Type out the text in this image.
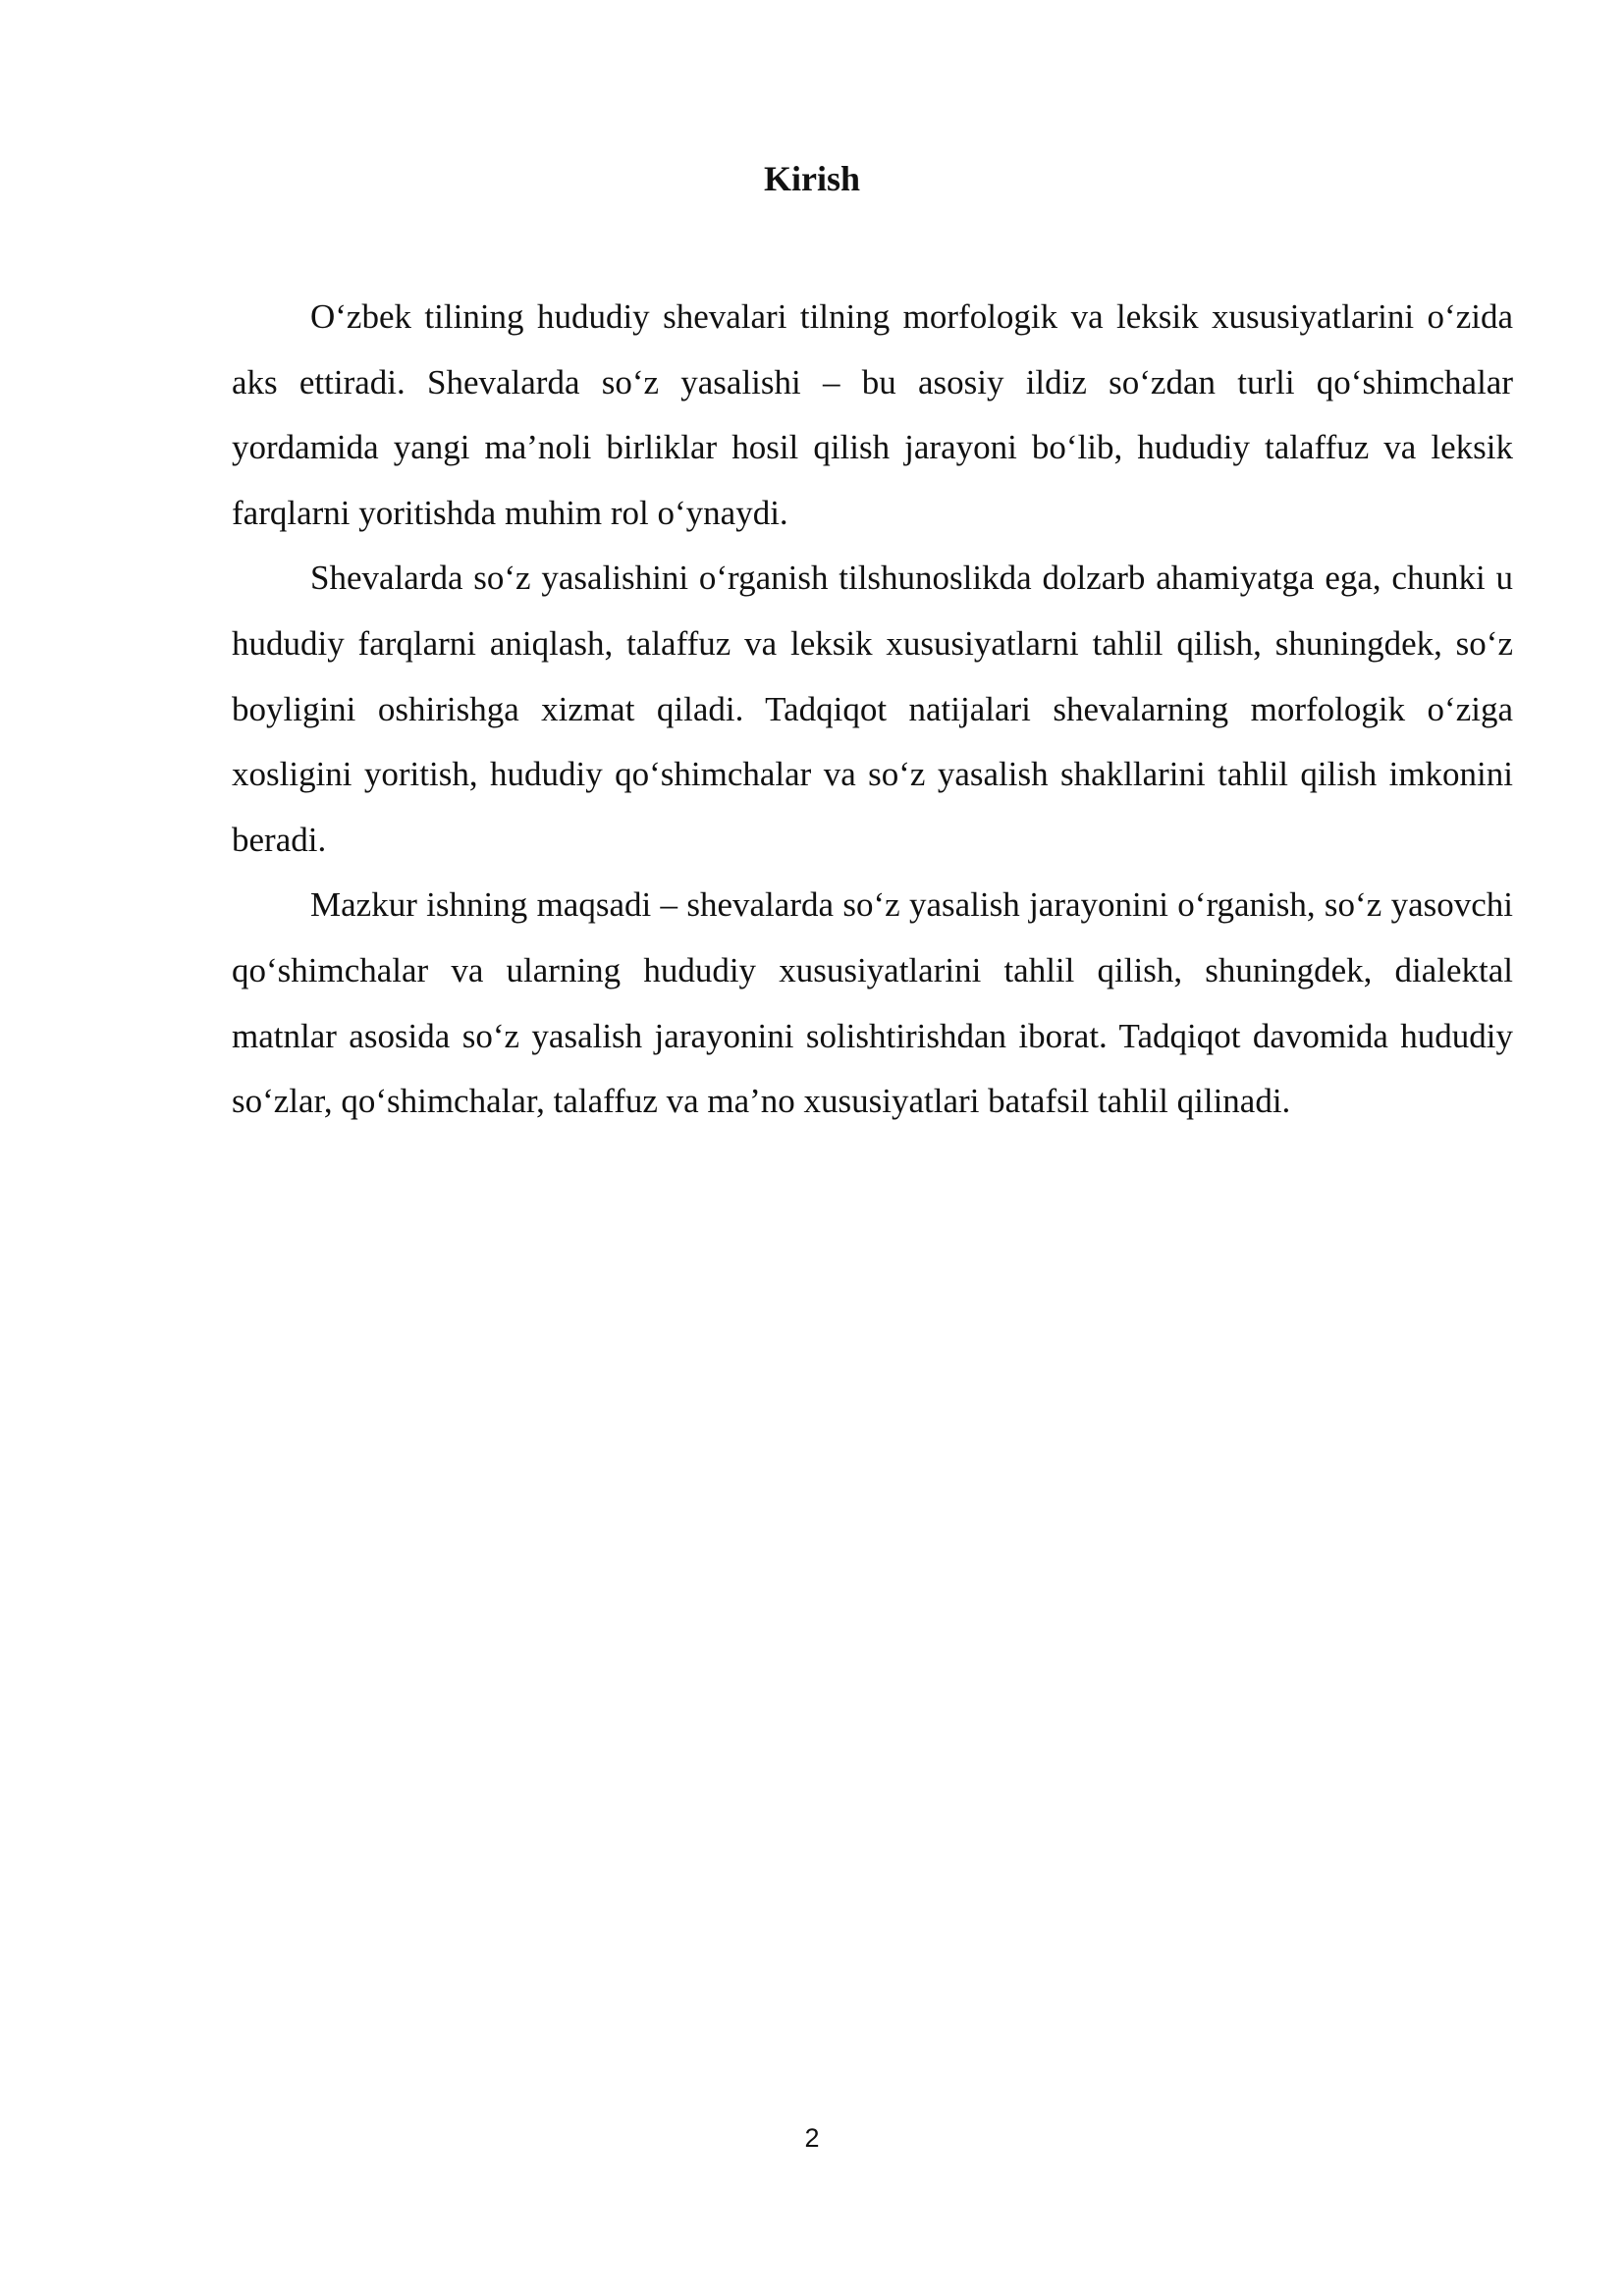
Kirish

O‘zbek tilining hududiy shevalari tilning morfologik va leksik xususiyatlarini o‘zida aks ettiradi. Shevalarda so‘z yasalishi – bu asosiy ildiz so‘zdan turli qo‘shimchalar yordamida yangi ma’noli birliklar hosil qilish jarayoni bo‘lib, hududiy talaffuz va leksik farqlarni yoritishda muhim rol o‘ynaydi.

Shevalarda so‘z yasalishini o‘rganish tilshunoslikda dolzarb ahamiyatga ega, chunki u hududiy farqlarni aniqlash, talaffuz va leksik xususiyatlarni tahlil qilish, shuningdek, so‘z boyligini oshirishga xizmat qiladi. Tadqiqot natijalari shevalarning morfologik o‘ziga xosligini yoritish, hududiy qo‘shimchalar va so‘z yasalish shakllarini tahlil qilish imkonini beradi.

Mazkur ishning maqsadi – shevalarda so‘z yasalish jarayonini o‘rganish, so‘z yasovchi qo‘shimchalar va ularning hududiy xususiyatlarini tahlil qilish, shuningdek, dialektal matnlar asosida so‘z yasalish jarayonini solishtirishdan iborat. Tadqiqot davomida hududiy so‘zlar, qo‘shimchalar, talaffuz va ma’no xususiyatlari batafsil tahlil qilinadi.

2
